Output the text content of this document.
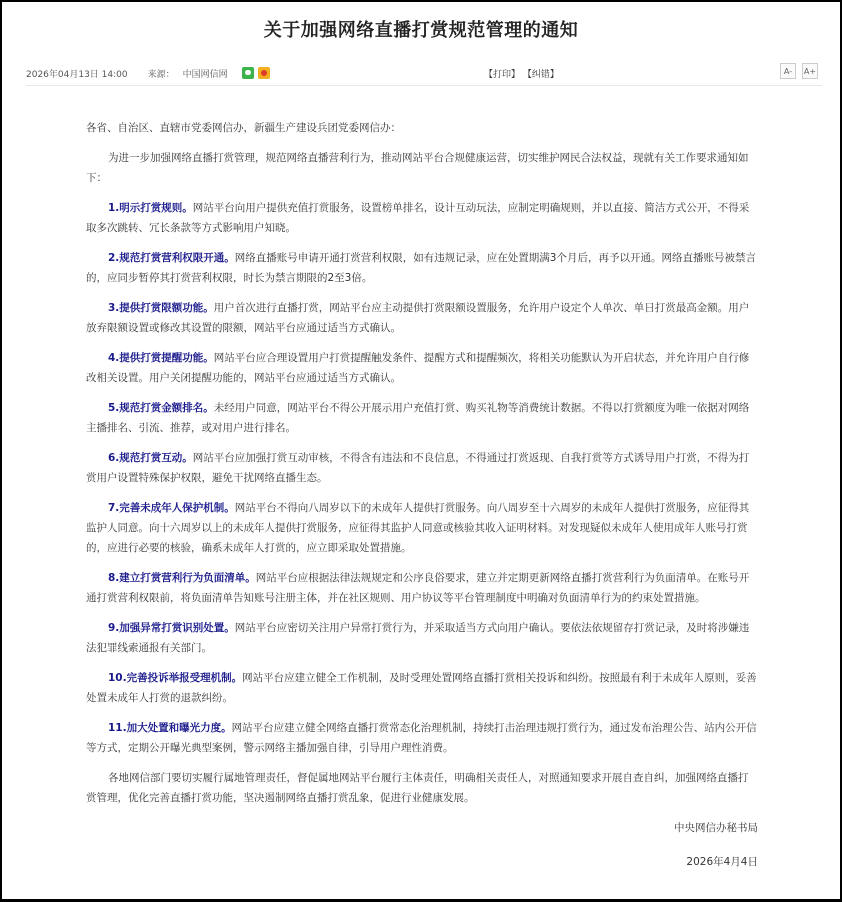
关于加强网络直播打赏规范管理的通知
2026年04月13日 14:00 来源： 中国网信网	【打印】 【纠错】	A-	A+

各省、自治区、直辖市党委网信办，新疆生产建设兵团党委网信办：

为进一步加强网络直播打赏管理，规范网络直播营利行为，推动网站平台合规健康运营，切实维护网民合法权益，现就有关工作要求通知如下：

1.明示打赏规则。网站平台向用户提供充值打赏服务，设置榜单排名，设计互动玩法，应制定明确规则，并以直接、简洁方式公开，不得采取多次跳转、冗长条款等方式影响用户知晓。

2.规范打赏营利权限开通。网络直播账号申请开通打赏营利权限，如有违规记录，应在处置期满3个月后，再予以开通。网络直播账号被禁言的，应同步暂停其打赏营利权限，时长为禁言期限的2至3倍。

3.提供打赏限额功能。用户首次进行直播打赏，网站平台应主动提供打赏限额设置服务，允许用户设定个人单次、单日打赏最高金额。用户放弃限额设置或修改其设置的限额，网站平台应通过适当方式确认。

4.提供打赏提醒功能。网站平台应合理设置用户打赏提醒触发条件、提醒方式和提醒频次，将相关功能默认为开启状态，并允许用户自行修改相关设置。用户关闭提醒功能的，网站平台应通过适当方式确认。

5.规范打赏金额排名。未经用户同意，网站平台不得公开展示用户充值打赏、购买礼物等消费统计数据。不得以打赏额度为唯一依据对网络主播排名、引流、推荐，或对用户进行排名。

6.规范打赏互动。网站平台应加强打赏互动审核，不得含有违法和不良信息，不得通过打赏返现、自我打赏等方式诱导用户打赏，不得为打赏用户设置特殊保护权限，避免干扰网络直播生态。

7.完善未成年人保护机制。网站平台不得向八周岁以下的未成年人提供打赏服务。向八周岁至十六周岁的未成年人提供打赏服务，应征得其监护人同意。向十六周岁以上的未成年人提供打赏服务，应征得其监护人同意或核验其收入证明材料。对发现疑似未成年人使用成年人账号打赏的，应进行必要的核验，确系未成年人打赏的，应立即采取处置措施。

8.建立打赏营利行为负面清单。网站平台应根据法律法规规定和公序良俗要求，建立并定期更新网络直播打赏营利行为负面清单。在账号开通打赏营利权限前，将负面清单告知账号注册主体，并在社区规则、用户协议等平台管理制度中明确对负面清单行为的约束处置措施。

9.加强异常打赏识别处置。网站平台应密切关注用户异常打赏行为，并采取适当方式向用户确认。要依法依规留存打赏记录，及时将涉嫌违法犯罪线索通报有关部门。

10.完善投诉举报受理机制。网站平台应建立健全工作机制，及时受理处置网络直播打赏相关投诉和纠纷。按照最有利于未成年人原则，妥善处置未成年人打赏的退款纠纷。

11.加大处置和曝光力度。网站平台应建立健全网络直播打赏常态化治理机制，持续打击治理违规打赏行为，通过发布治理公告、站内公开信等方式，定期公开曝光典型案例，警示网络主播加强自律，引导用户理性消费。

各地网信部门要切实履行属地管理责任，督促属地网站平台履行主体责任，明确相关责任人，对照通知要求开展自查自纠，加强网络直播打赏管理，优化完善直播打赏功能，坚决遏制网络直播打赏乱象，促进行业健康发展。

中央网信办秘书局

2026年4月4日
